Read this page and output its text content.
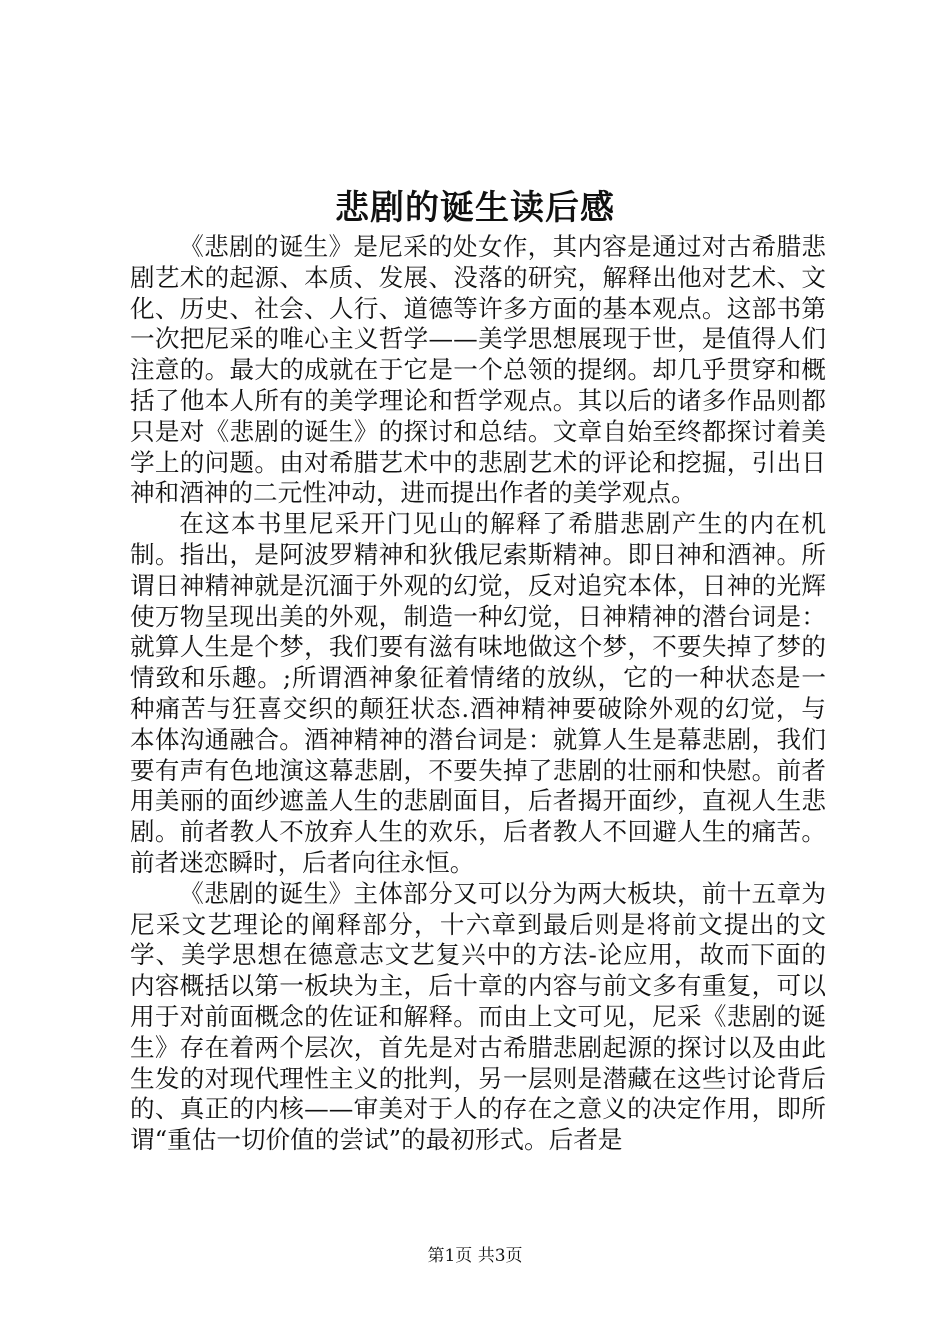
悲剧的诞生读后感

《悲剧的诞生》是尼采的处女作，其内容是通过对古希腊悲剧艺术的起源、本质、发展、没落的研究，解释出他对艺术、文化、历史、社会、人行、道德等许多方面的基本观点。这部书第一次把尼采的唯心主义哲学——美学思想展现于世，是值得人们注意的。最大的成就在于它是一个总领的提纲。却几乎贯穿和概括了他本人所有的美学理论和哲学观点。其以后的诸多作品则都只是对《悲剧的诞生》的探讨和总结。文章自始至终都探讨着美学上的问题。由对希腊艺术中的悲剧艺术的评论和挖掘，引出日神和酒神的二元性冲动，进而提出作者的美学观点。

在这本书里尼采开门见山的解释了希腊悲剧产生的内在机制。指出，是阿波罗精神和狄俄尼索斯精神。即日神和酒神。所谓日神精神就是沉湎于外观的幻觉，反对追究本体，日神的光辉使万物呈现出美的外观，制造一种幻觉，日神精神的潜台词是：就算人生是个梦，我们要有滋有味地做这个梦，不要失掉了梦的情致和乐趣。;所谓酒神象征着情绪的放纵，它的一种状态是一种痛苦与狂喜交织的颠狂状态.酒神精神要破除外观的幻觉，与本体沟通融合。酒神精神的潜台词是：就算人生是幕悲剧，我们要有声有色地演这幕悲剧，不要失掉了悲剧的壮丽和快慰。前者用美丽的面纱遮盖人生的悲剧面目，后者揭开面纱，直视人生悲剧。前者教人不放弃人生的欢乐，后者教人不回避人生的痛苦。前者迷恋瞬时，后者向往永恒。

《悲剧的诞生》主体部分又可以分为两大板块，前十五章为尼采文艺理论的阐释部分，十六章到最后则是将前文提出的文学、美学思想在德意志文艺复兴中的方法-论应用，故而下面的内容概括以第一板块为主，后十章的内容与前文多有重复，可以用于对前面概念的佐证和解释。而由上文可见，尼采《悲剧的诞生》存在着两个层次，首先是对古希腊悲剧起源的探讨以及由此生发的对现代理性主义的批判，另一层则是潜藏在这些讨论背后的、真正的内核——审美对于人的存在之意义的决定作用，即所谓“重估一切价值的尝试”的最初形式。后者是

第1页 共3页
